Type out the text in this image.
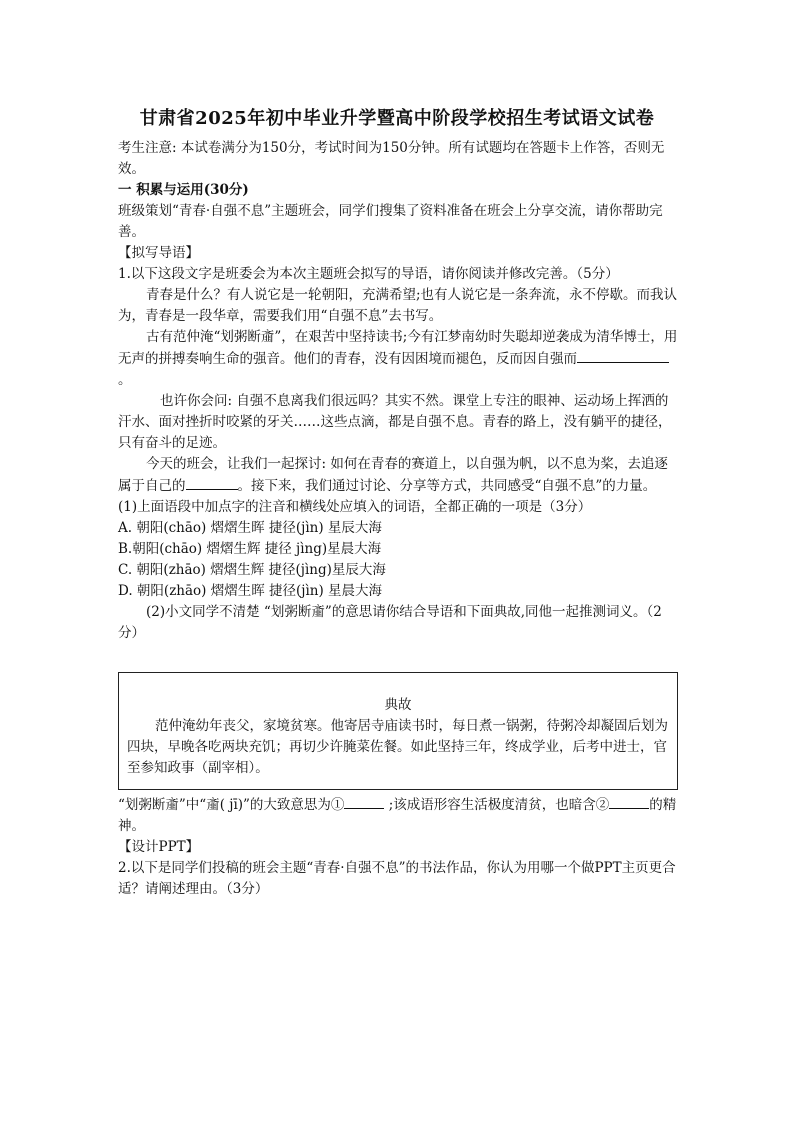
甘肃省2025年初中毕业升学暨高中阶段学校招生考试语文试卷

考生注意: 本试卷满分为150分，考试时间为150分钟。所有试题均在答题卡上作答，否则无效。

一 积累与运用(30分)

班级策划“青春·自强不息”主题班会，同学们搜集了资料准备在班会上分享交流，请你帮助完善。

【拟写导语】

1.以下这段文字是班委会为本次主题班会拟写的导语，请你阅读并修改完善。（5分）

青春是什么？有人说它是一轮朝阳，充满希望;也有人说它是一条奔流，永不停歇。而我认为，青春是一段华章，需要我们用“自强不息”去书写。

古有范仲淹“划粥断齑”，在艰苦中坚持读书;今有江梦南幼时失聪却逆袭成为清华博士，用无声的拼搏奏响生命的强音。他们的青春，没有因困境而褪色，反而因自强而。

也许你会问: 自强不息离我们很远吗？其实不然。课堂上专注的眼神、运动场上挥洒的汗水、面对挫折时咬紧的牙关……这些点滴，都是自强不息。青春的路上，没有躺平的捷径，只有奋斗的足迹。

今天的班会，让我们一起探讨: 如何在青春的赛道上，以自强为帆，以不息为桨，去追逐属于自己的	。接下来，我们通过讨论、分享等方式，共同感受“自强不息”的力量。

(1)上面语段中加点字的注音和横线处应填入的词语，全都正确的一项是（3分）

A. 朝阳(chāo) 熠熠生晖 捷径(jìn) 星辰大海

B.朝阳(chāo) 熠熠生辉 捷径 jìng)星晨大海

C. 朝阳(zhāo) 熠熠生辉 捷径(jìng)星辰大海

D. 朝阳(zhāo) 熠熠生晖 捷径(jìn) 星晨大海

(2)小文同学不清楚 “划粥断齑”的意思请你结合导语和下面典故,同他一起推测词义。（2分）

典故

范仲淹幼年丧父，家境贫寒。他寄居寺庙读书时，每日煮一锅粥，待粥冷却凝固后划为四块，早晚各吃两块充饥；再切少许腌菜佐餐。如此坚持三年，终成学业，后考中进士，官至参知政事（副宰相）。

“划粥断齑”中“齑( jī)”的大致意思为①	;该成语形容生活极度清贫，也暗含②	的精神。

【设计PPT】

2.以下是同学们投稿的班会主题“青春·自强不息”的书法作品，你认为用哪一个做PPT主页更合适？请阐述理由。（3分）
